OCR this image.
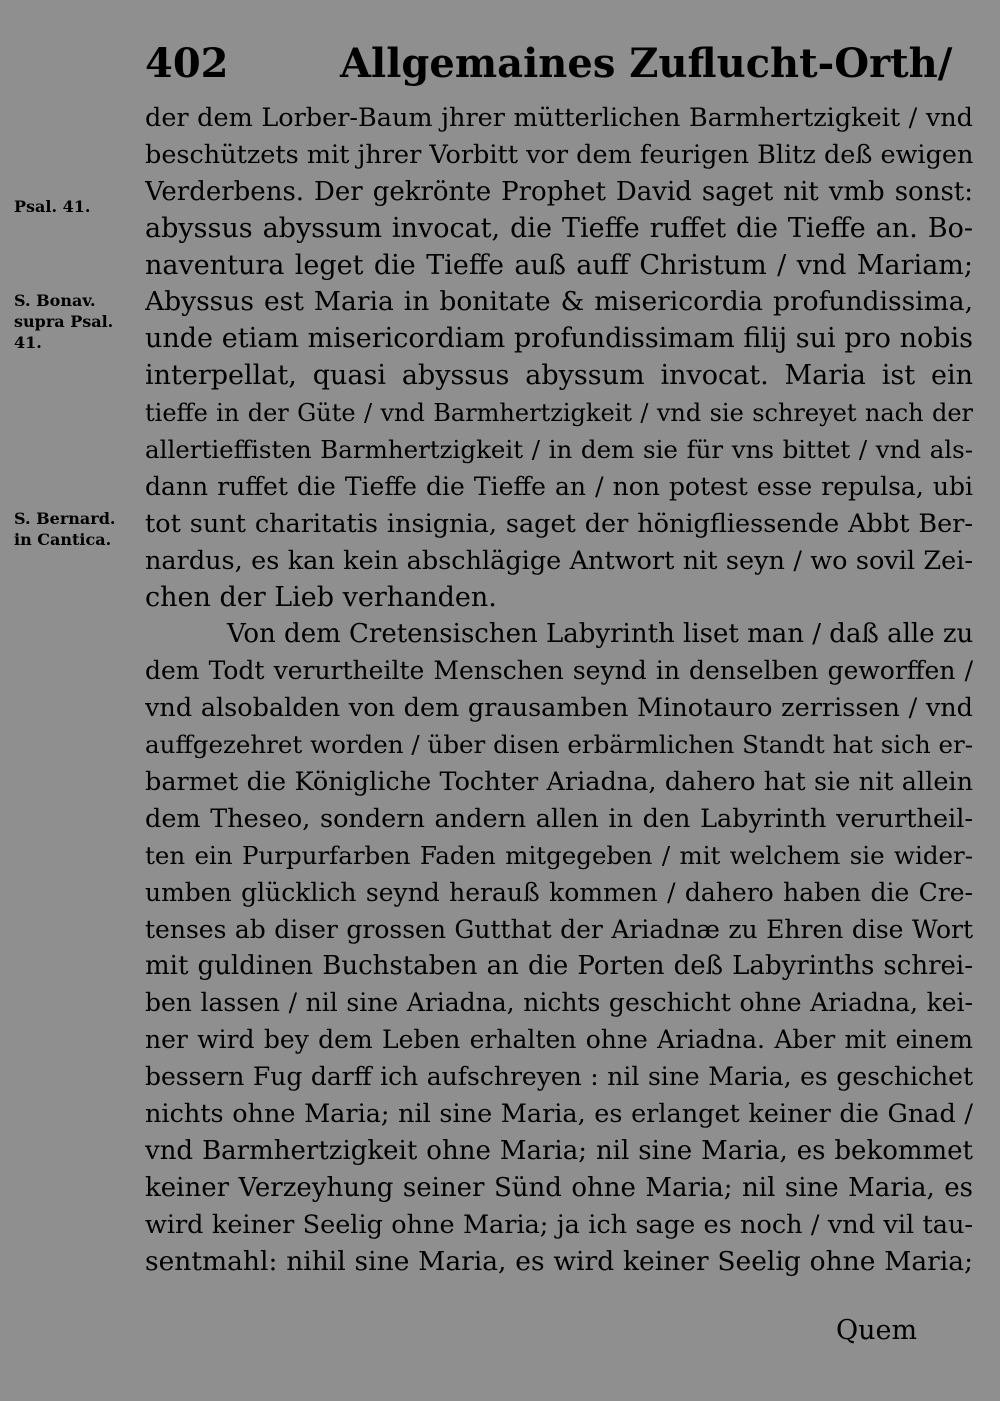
402	Allgemaines Zuflucht-Orth/
Psal. 41.
S. Bonav. supra Psal. 41.
S. Bernard. in Cantica.
der dem Lorber-Baum jhrer mütterlichen Barmhertzigkeit / vnd
beschützets mit jhrer Vorbitt vor dem feurigen Blitz deß ewigen
Verderbens. Der gekrönte Prophet David saget nit vmb sonst:
abyssus abyssum invocat, die Tieffe ruffet die Tieffe an. Bo-
naventura leget die Tieffe auß auff Christum / vnd Mariam;
Abyssus est Maria in bonitate & misericordia profundissima,
unde etiam misericordiam profundissimam filij sui pro nobis
interpellat, quasi abyssus abyssum invocat. Maria ist ein
tieffe in der Güte / vnd Barmhertzigkeit / vnd sie schreyet nach der
allertieffisten Barmhertzigkeit / in dem sie für vns bittet / vnd als-
dann ruffet die Tieffe die Tieffe an / non potest esse repulsa, ubi
tot sunt charitatis insignia, saget der hönigfliessende Abbt Ber-
nardus, es kan kein abschlägige Antwort nit seyn / wo sovil Zei-
chen der Lieb verhanden.
Von dem Cretensischen Labyrinth liset man / daß alle zu
dem Todt verurtheilte Menschen seynd in denselben geworffen /
vnd alsobalden von dem grausamben Minotauro zerrissen / vnd
auffgezehret worden / über disen erbärmlichen Standt hat sich er-
barmet die Königliche Tochter Ariadna, dahero hat sie nit allein
dem Theseo, sondern andern allen in den Labyrinth verurtheil-
ten ein Purpurfarben Faden mitgegeben / mit welchem sie wider-
umben glücklich seynd herauß kommen / dahero haben die Cre-
tenses ab diser grossen Gutthat der Ariadnæ zu Ehren dise Wort
mit guldinen Buchstaben an die Porten deß Labyrinths schrei-
ben lassen / nil sine Ariadna, nichts geschicht ohne Ariadna, kei-
ner wird bey dem Leben erhalten ohne Ariadna. Aber mit einem
bessern Fug darff ich aufschreyen : nil sine Maria, es geschichet
nichts ohne Maria; nil sine Maria, es erlanget keiner die Gnad /
vnd Barmhertzigkeit ohne Maria; nil sine Maria, es bekommet
keiner Verzeyhung seiner Sünd ohne Maria; nil sine Maria, es
wird keiner Seelig ohne Maria; ja ich sage es noch / vnd vil tau-
sentmahl: nihil sine Maria, es wird keiner Seelig ohne Maria;
Quem
